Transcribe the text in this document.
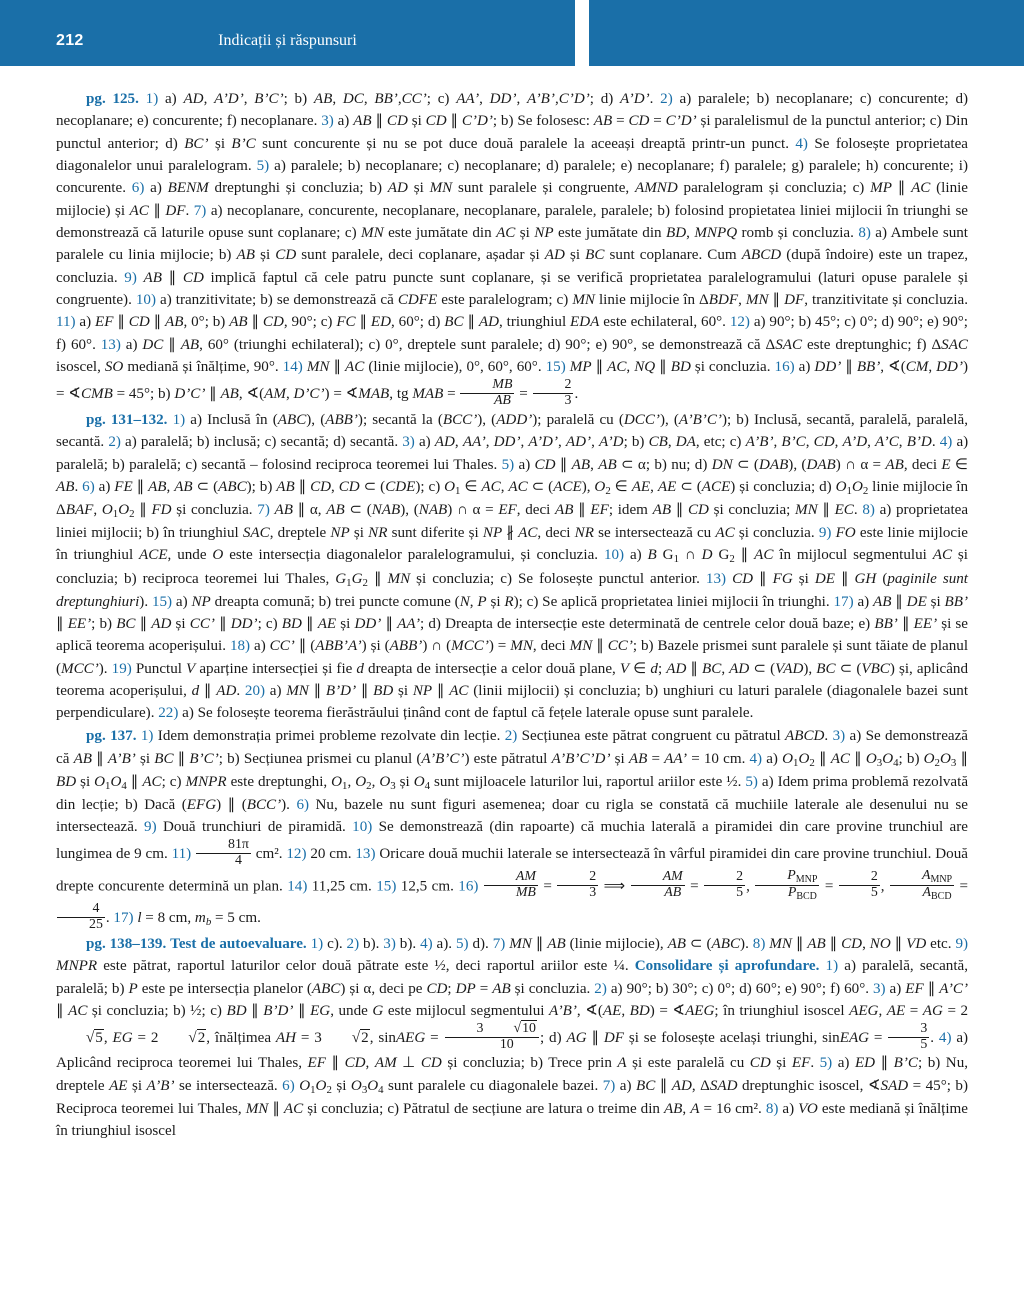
212	Indicații și răspunsuri

pg. 125. 1) a) AD, A’D’, B’C’; b) AB, DC, BB’,CC’; c) AA’, DD’, A’B’,C’D’; d) A’D’. 2) a) paralele; b) necoplanare; c) concurente; d) necoplanare; e) concurente; f) necoplanare. 3) a) AB ∥ CD și CD ∥ C’D’; b) Se folosesc: AB = CD = C’D’ și paralelismul de la punctul anterior; c) Din punctul anterior; d) BC’ și B’C sunt concurente și nu se pot duce două paralele la aceeași dreaptă printr-un punct. 4) Se folosește proprietatea diagonalelor unui paralelogram. 5) a) paralele; b) necoplanare; c) necoplanare; d) paralele; e) necoplanare; f) paralele; g) paralele; h) concurente; i) concurente. 6) a) BENM dreptunghi și concluzia; b) AD și MN sunt paralele și congruente, AMND paralelogram și concluzia; c) MP ∥ AC (linie mijlocie) și AC ∥ DF. 7) a) necoplanare, concurente, necoplanare, necoplanare, paralele, paralele; b) folosind propietatea liniei mijlocii în triunghi se demonstrează că laturile opuse sunt coplanare; c) MN este jumătate din AC și NP este jumătate din BD, MNPQ romb și concluzia. 8) a) Ambele sunt paralele cu linia mijlocie; b) AB și CD sunt paralele, deci coplanare, așadar și AD și BC sunt coplanare. Cum ABCD (după îndoire) este un trapez, concluzia. 9) AB ∥ CD implică faptul că cele patru puncte sunt coplanare, și se verifică proprietatea paralelogramului (laturi opuse paralele și congruente). 10) a) tranzitivitate; b) se demonstrează că CDFE este paralelogram; c) MN linie mijlocie în ΔBDF, MN ∥ DF, tranzitivitate și concluzia. 11) a) EF ∥ CD ∥ AB, 0°; b) AB ∥ CD, 90°; c) FC ∥ ED, 60°; d) BC ∥ AD, triunghiul EDA este echilateral, 60°. 12) a) 90°; b) 45°; c) 0°; d) 90°; e) 90°; f) 60°. 13) a) DC ∥ AB, 60° (triunghi echilateral); c) 0°, dreptele sunt paralele; d) 90°; e) 90°, se demonstrează că ΔSAC este dreptunghic; f) ΔSAC isoscel, SO mediană și înălțime, 90°. 14) MN ∥ AC (linie mijlocie), 0°, 60°, 60°. 15) MP ∥ AC, NQ ∥ BD și concluzia. 16) a) DD’ ∥ BB’, ∢(CM, DD’) = ∢CMB = 45°; b) D’C’ ∥ AB, ∢(AM, D’C’) = ∢MAB, tg MAB = $\frac{MB}{AB} = \frac{2}{3}$ .

pg. 131–132. 1) a) Inclusă în (ABC), (ABB’); secantă la (BCC’), (ADD’); paralelă cu (DCC’), (A’B’C’); b) Inclusă, secantă, paralelă, paralelă, secantă. 2) a) paralelă; b) inclusă; c) secantă; d) secantă. 3) a) AD, AA’, DD’, A’D’, AD’, A’D; b) CB, DA, etc; c) A’B’, B’C, CD, A’D, A’C, B’D. 4) a) paralelă; b) paralelă; c) secantă – folosind reciproca teoremei lui Thales. 5) a) CD ∥ AB, AB ⊂ α; b) nu; d) DN ⊂ (DAB), (DAB) ∩ α = AB, deci E ∈ AB. 6) a) FE ∥ AB, AB ⊂ (ABC); b) AB ∥ CD, CD ⊂ (CDE); c) $O_1$ ∈ AC, AC ⊂ (ACE), $O_2$ ∈ AE, AE ⊂ (ACE) și concluzia; d) $O_1O_2$ linie mijlocie în ΔBAF, $O_1O_2$ ∥ FD și concluzia. 7) AB ∥ α, AB ⊂ (NAB), (NAB) ∩ α = EF, deci AB ∥ EF; idem AB ∥ CD și concluzia; MN ∥ EC. 8) a) proprietatea liniei mijlocii; b) în triunghiul SAC, dreptele NP și NR sunt diferite și NP ∦ AC, deci NR se intersectează cu AC și concluzia. 9) FO este linie mijlocie în triunghiul ACE, unde O este intersecția diagonalelor paralelogramului, și concluzia. 10) a) B $G_1$ ∩ D $G_2$ ∥ AC în mijlocul segmentului AC și concluzia; b) reciproca teoremei lui Thales, $G_1G_2$ ∥ MN și concluzia; c) Se folosește punctul anterior. 13) CD ∥ FG și DE ∥ GH (paginile sunt dreptunghiuri). 15) a) NP dreapta comună; b) trei puncte comune (N, P și R); c) Se aplică proprietatea liniei mijlocii în triunghi. 17) a) AB ∥ DE și BB’ ∥ EE’; b) BC ∥ AD și CC’ ∥ DD’; c) BD ∥ AE și DD’ ∥ AA’; d) Dreapta de intersecție este determinată de centrele celor două baze; e) BB’ ∥ EE’ și se aplică teorema acoperișului. 18) a) CC’ ∥ (ABB’A’) și (ABB’) ∩ (MCC’) = MN, deci MN ∥ CC’; b) Bazele prismei sunt paralele și sunt tăiate de planul (MCC’). 19) Punctul V aparține intersecției și fie d dreapta de intersecție a celor două plane, V ∈ d; AD ∥ BC, AD ⊂ (VAD), BC ⊂ (VBC) și, aplicând teorema acoperișului, d ∥ AD. 20) a) MN ∥ B’D’ ∥ BD și NP ∥ AC (linii mijlocii) și concluzia; b) unghiuri cu laturi paralele (diagonalele bazei sunt perpendiculare). 22) a) Se folosește teorema fierăstrăului ținând cont de faptul că fețele laterale opuse sunt paralele.

pg. 137. 1) Idem demonstrația primei probleme rezolvate din lecție. 2) Secțiunea este pătrat congruent cu pătratul ABCD. 3) a) Se demonstrează că AB ∥ A’B’ și BC ∥ B’C’; b) Secțiunea prismei cu planul (A’B’C’) este pătratul A’B’C’D’ și AB = AA’ = 10 cm. 4) a) $O_1O_2$ ∥ AC ∥ $O_3O_4$; b) $O_2O_3$ ∥ BD și $O_1O_4$ ∥ AC; c) MNPR este dreptunghi, $O_1$, $O_2$, $O_3$ și $O_4$ sunt mijloacele laturilor lui, raportul ariilor este ½. 5) a) Idem prima problemă rezolvată din lecție; b) Dacă (EFG) ∥ (BCC’). 6) Nu, bazele nu sunt figuri asemenea; doar cu rigla se constată că muchiile laterale ale desenului nu se intersectează. 9) Două trunchiuri de piramidă. 10) Se demonstrează (din rapoarte) că muchia laterală a piramidei din care provine trunchiul are lungimea de 9 cm. $11) \frac{81\pi}{4} cm^2$. 12) 20 cm. 13) Oricare două muchii laterale se intersectează în vârful piramidei din care provine trunchiul. Două drepte concurente determină un plan. 14) 11,25 cm. 15) 12,5 cm. $16) \frac{AM}{MB} = \frac{2}{3}$ ⟹ $\frac{AM}{AB} = \frac{2}{5}$ , $\frac{P_{MNP}}{P_{BCD}} = \frac{2}{5}$ , $\frac{A_{MNP}}{A_{BCD}}$ =
$\frac{4}{25}$ . 17) l = 8 cm, $m_b = 5$ cm.

pg. 138–139. Test de autoevaluare. 1) c). 2) b). 3) b). 4) a). 5) d). 7) MN ∥ AB (linie mijlocie), AB ⊂ (ABC). 8) MN ∥ AB ∥ CD, NO ∥ VD etc. 9) MNPR este pătrat, raportul laturilor celor două pătrate este ½, deci raportul ariilor este ¼. Consolidare și aprofundare. 1) a) paralelă, secantă, paralelă; b) P este pe intersecția planelor (ABC) și α, deci pe CD; DP = AB și concluzia. 2) a) 90°; b) 30°; c) 0°; d) 60°; e) 90°; f) 60°. 3) a) EF ∥ A’C’ ∥ AC și concluzia; b) ½; c) BD ∥ B’D’ ∥ EG, unde G este mijlocul segmentului A’B’, ∢(AE, BD) = ∢AEG; în triunghiul isoscel AEG, AE = AG = 2√5, EG = 2 √2, înălțimea AH = 3 √2, sinAEG = $\frac{3 √10}{10}$ ; d) AG ∥ DF și se folosește același triunghi, sinEAG = $\frac{3}{5}$ . 4) a) Aplicând reciproca teoremei lui Thales, EF ∥ CD, AM ⊥ CD și concluzia; b) Trece prin A și este paralelă cu CD și EF. 5) a) ED ∥ B’C; b) Nu, dreptele AE și A’B’ se intersectează. 6) $O_1O_2$ și $O_3O_4$ sunt paralele cu diagonalele bazei. 7) a) BC ∥ AD, ΔSAD dreptunghic isoscel, ∢SAD = 45°; b) Reciproca teoremei lui Thales, MN ∥ AC și concluzia; c) Pătratul de secțiune are latura o treime din AB, A = 16 cm². 8) a) VO este mediană și înălțime în triunghiul isoscel
